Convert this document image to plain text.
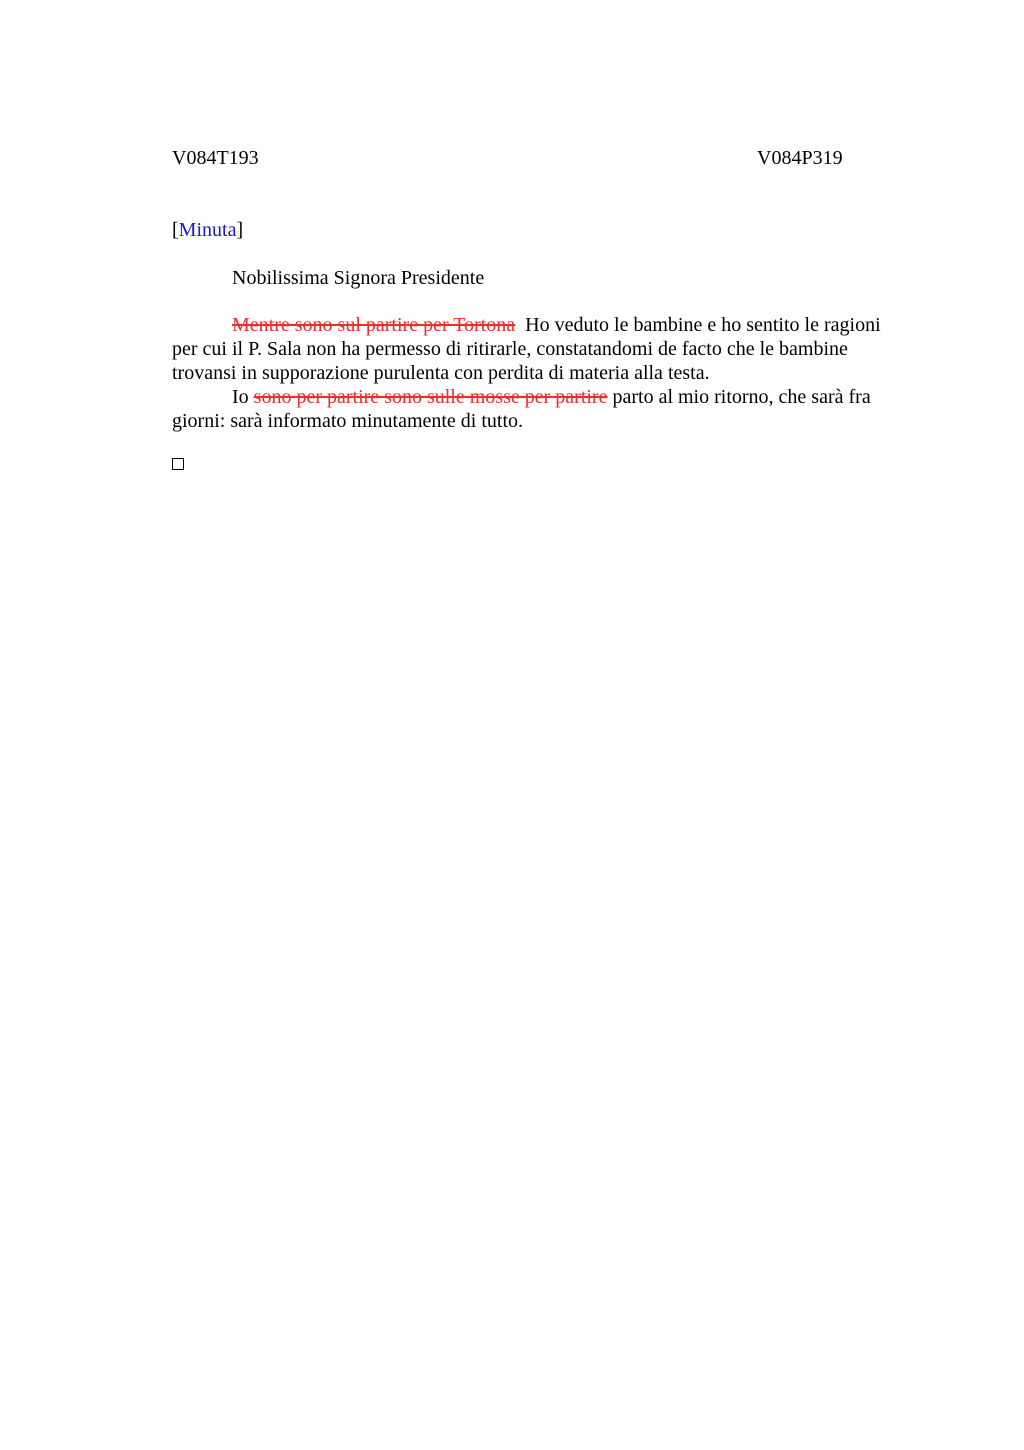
V084T193	V084P319
[Minuta]
Nobilissima Signora Presidente

Mentre sono sul partire per Tortona  Ho veduto le bambine e ho sentito le ragioni per cui il P. Sala non ha permesso di ritirarle, constatandomi de facto che le bambine trovansi in supporazione purulenta con perdita di materia alla testa.

Io sono per partire sono sulle mosse per partire parto al mio ritorno, che sarà fra giorni: sarà informato minutamente di tutto.
